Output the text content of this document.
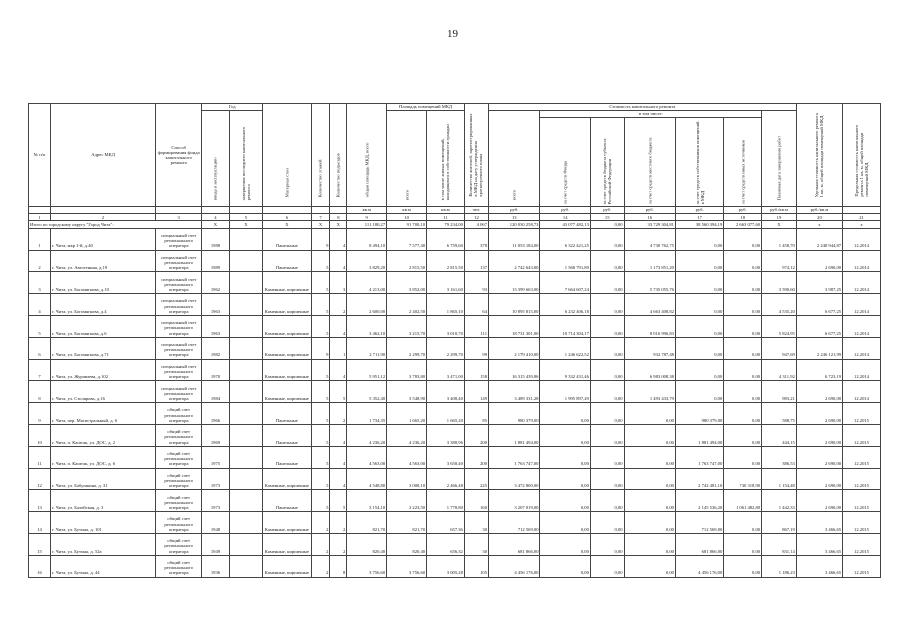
19
№ п/п	Адрес МКД	Способ формирования фонда капитального ремонта	Год		Материал стен	Количество этажей	Количество подъездов	общая площадь МКД, всего	Площадь помещений МКД		Количество жителей, зарегистрированных в МКД на дату утверждения краткосрочного плана	Стоимость капитального ремонта							Удельная стоимость капитального ремонта 1 кв. м. общей площади помещений МКД	Предельная стоимость капитального ремонта 1 кв. м. общей площади помещений МКД

			ввода в эксплуатацию	завершения последнего капитального ремонта					всего	в том числе жилых помещений, находящихся в собственности граждан		всего	в том числе:					Плановая дата завершения работ		

													за счет средств Фонда	за счет средств бюджета субъекта Российской Федерации	за счет средств местного бюджета	за счет средств собственников помещений в МКД	за счет средств иных источников			

								кв.м	кв.м	кв.м	чел.	руб.	руб.	руб.	руб.	руб.	руб.	руб./кв.м	руб./кв.м	
1	2	3	4	5	6	7	8	9	10	11	12	13	14	15	16	17	18	19	20	21
Итого по городскому округу "Город Чита":			Х	Х	Х	Х	Х	111 180,27	91 700,10	79 234,00	4 067	120 030 258,73	43 077 482,13	0,00	33 729 304,81	38 560 394,19	2 663 077,60	Х	х	х
1	г. Чита, мкр 1-й, д.40	специальный счет регионального оператора	1988		Панельные	9	4	8 494,10	7 577,40	6 759,60	378	11 053 184,00	6 322 421,25	0,00	4 730 762,75	0,00	0,00	1 458,70	2 248 944,87	12.2014
2	г. Чита, ул. Автогенная, д.19	специальный счет регионального оператора	1989		Панельные	5	4	3 829,20	2 815,50	2 815,50	137	2 742 643,00	1 568 791,80	0,00	1 173 851,20	0,00	0,00	974,12	2 690,00	12.2014
3	г. Чита, ул. Богомягкова, д.10	специальный счет регионального оператора	1962		Каменные, кирпичные	5	3	4 213,00	3 852,00	3 161,60	93	13 399 663,00	7 664 607,24	0,00	5 735 055,76	0,00	0,00	3 590,60	3 987,25	12.2014
4	г. Чита, ул. Богомягкова, д.4	специальный счет регионального оператора	1963		Каменные, кирпичные	5	2	2 600,00	2 402,50	1 865,10	64	10 895 815,00	6 232 406,18	0,00	4 663 408,82	0,00	0,00	4 535,20	6 677,25	12.2014
5	г. Чита, ул. Богомягкова, д.6	специальный счет регионального оператора	1963		Каменные, кирпичные	5	4	3 462,10	3 215,70	3 010,70	111	18 731 301,00	10 714 304,17	0,00	8 016 996,83	0,00	0,00	5 824,95	6 677,25	12.2014
6	г. Чита, ул. Богомягкова, д.71	специальный счет регионального оператора	1982		Каменные, кирпичные	9	1	2 711,90	2 299,70	2 299,70	99	2 179 410,00	1 246 622,52	0,00	932 787,48	0,00	0,00	947,69	2 246 121,99	12.2014
7	г. Чита, ул. Журавлева, д.102	специальный счет регионального оператора	1970		Каменные, кирпичные	5	4	5 951,12	3 783,80	3 471,00	158	16 315 439,86	9 332 431,46	0,00	6 983 008,38	0,00	0,00	4 311,92	6 723,19	12.2014
8	г. Чита, ул. Столярова, д.16	специальный счет регионального оператора	1984		Каменные, кирпичные	5	5	5 352,40	3 548,90	3 408,40	149	3 489 331,28	1 995 897,49	0,00	1 493 433,79	0,00	0,00	983,21	2 690,00	12.2014
9	г. Чита, пер. Магистральный, д. 6	общий счет регионального оператора	1966		Панельные	5	2	1 734,35	1 665,20	1 665,20	85	980 379,00	0,00	0,00	0,00	980 379,00	0,00	588,75	2 690,00	12.2015
10	г. Чита, п. Каштак, ул. ДОС, д. 2	общий счет регионального оператора	1969		Панельные	5	4	4 236,20	4 236,20	3 388,96	200	1 881 494,00	0,00	0,00	0,00	1 881 494,00	0,00	444,15	2 690,00	12.2015
11	г. Чита, п. Каштак, ул. ДОС, д. 6	общий счет регионального оператора	1975		Панельные	5	4	4 563,00	4 563,00	3 650,40	200	1 763 747,00	0,00	0,00	0,00	1 763 747,00	0,00	386,53	2 690,00	12.2015
12	г. Чита, ул. Бабушкина, д. 31	общий счет регионального оператора	1973		Каменные, кирпичные	5	4	4 548,80	3 008,10	2 466,48	225	3 472 800,00	0,00	0,00	0,00	2 742 481,10	730 318,90	1 154,48	2 690,00	12.2015
13	г. Чита, ул. Балейская, д. 3	общий счет регионального оператора	1973		Панельные	5	5	3 154,10	2 223,50	1 778,80	160	3 207 019,00	0,00	0,00	0,00	2 145 536,20	1 061 482,80	1 442,33	2 690,00	12.2015
14	г. Чита, ул. Бутина, д. 101	общий счет регионального оператора	1948		Каменные, кирпичные	2	2	821,70	821,70	657,36	30	712 569,00	0,00	0,00	0,00	712 569,00	0,00	867,19	3 466,65	12.2015
15	г. Чита, ул. Бутина, д. 52а	общий счет регионального оператора	1949		Каменные, кирпичные	2	2	820,40	820,40	656,32	30	681 866,00	0,00	0,00	0,00	681 866,00	0,00	831,14	3 466,65	12.2015
16	г. Чита, ул. Бутина, д. 44	общий счет регионального оператора	1936		Каменные, кирпичные	2	8	3 756,60	3 756,60	3 005,28	105	4 456 176,00	0,00	0,00	0,00	4 456 176,00	0,00	1 186,23	3 466,65	12.2015
